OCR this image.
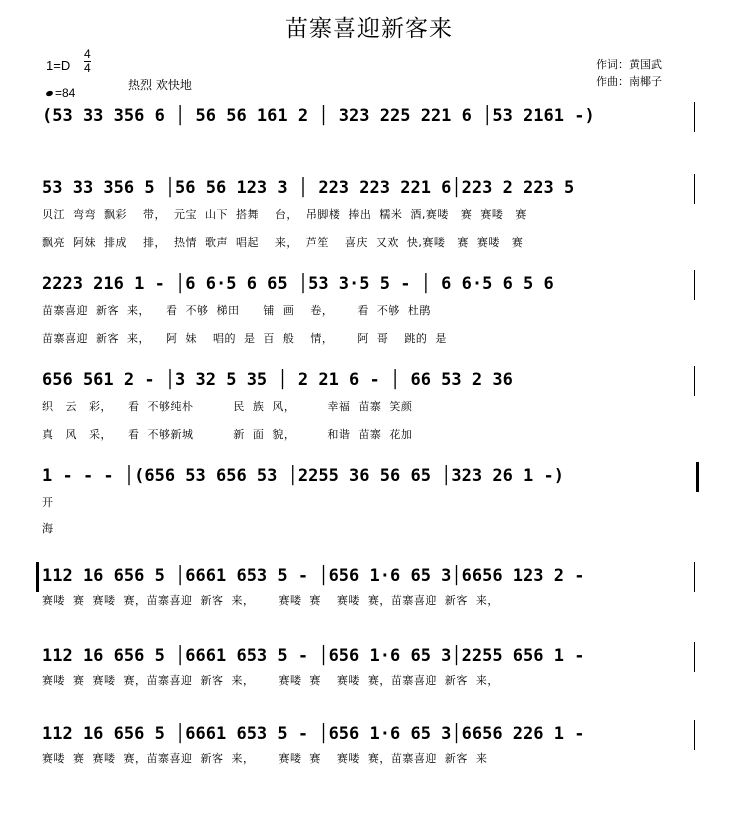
苗寨喜迎新客来
$1=D \frac{4}{4}$
=84
热烈 欢快地
作词：黄国武
作曲：南椰子
(53 33 356 6 │ 56 56 161 2 │ 323 225 221 6 │53 2161 -)
53 33 356 5 │56 56 123 3 │ 223 223 221 6│223 2 223 5
贝江  弯弯  飘彩    带，  元宝  山下  搭舞    台，  吊脚楼  捧出  糯米  酒,赛喽   赛  赛喽   赛
飘亮  阿妹  排成    排，  热情  歌声  唱起    来，  芦笙    喜庆  又欢  快,赛喽   赛  赛喽   赛
2223 216 1 - │6 6·5 6 65 │53 3·5 5 - │ 6 6·5 6 5 6
苗寨喜迎  新客  来，    看  不够  梯田      铺  画    卷，      看  不够  杜鹃
苗寨喜迎  新客  来，    阿  妹    唱的  是  百  般    情，      阿  哥    跳的  是
656 561 2 - │3 32 5 35 │ 2 21 6 - │ 66 53 2 36
织   云   彩，    看  不够纯朴          民  族  风，        幸福  苗寨  笑颜
真   风   采，    看  不够新城          新  面  貌，        和谐  苗寨  花加
1 - - - │(656 53 656 53 │2255 36 56 65 │323 26 1 -)
开
海
112 16 656 5 │6661 653 5 - │656 1·6 65 3│6656 123 2 -
赛喽  赛  赛喽  赛，苗寨喜迎  新客  来，      赛喽  赛    赛喽  赛，苗寨喜迎  新客  来，
112 16 656 5 │6661 653 5 - │656 1·6 65 3│2255 656 1 -
赛喽  赛  赛喽  赛，苗寨喜迎  新客  来，      赛喽  赛    赛喽  赛，苗寨喜迎  新客  来，
112 16 656 5 │6661 653 5 - │656 1·6 65 3│6656 226 1 -
赛喽  赛  赛喽  赛，苗寨喜迎  新客  来，      赛喽  赛    赛喽  赛，苗寨喜迎  新客  来
